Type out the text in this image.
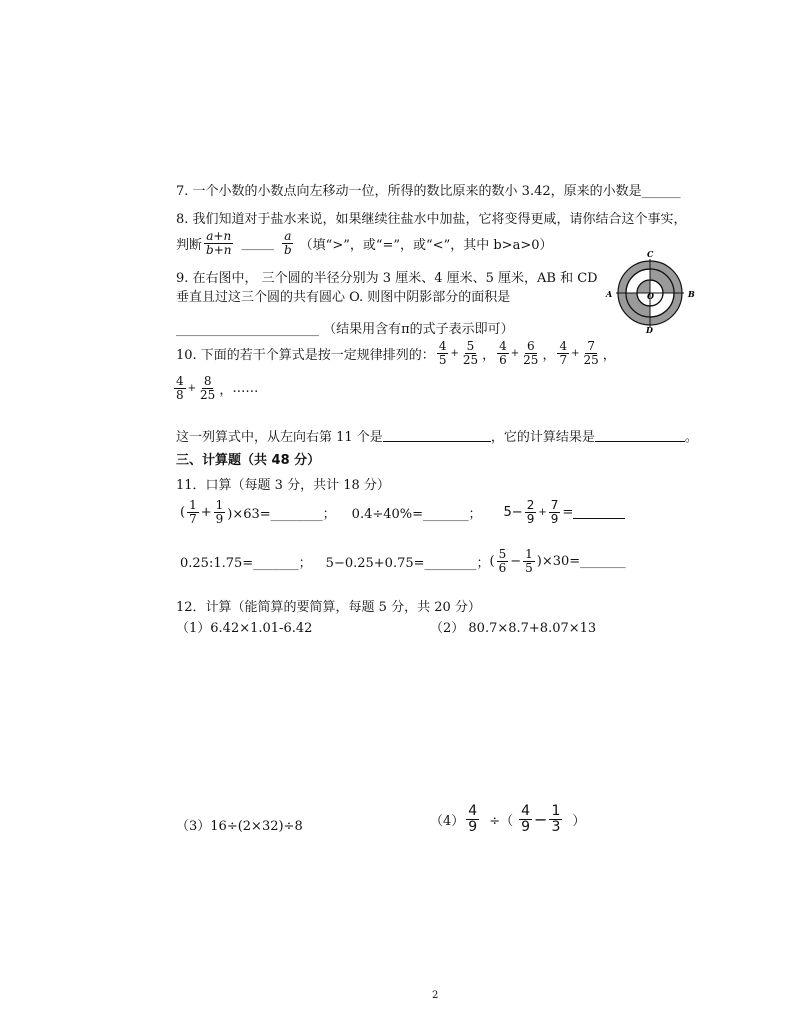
7. 一个小数的小数点向左移动一位，所得的数比原来的数小 3.42，原来的小数是______
8. 我们知道对于盐水来说，如果继续往盐水中加盐，它将变得更咸，请你结合这个事实，
判断 $\frac{a+n}{b+n}$ _____ $\frac{a}{b}$ （填“>”，或“=”，或“<”，其中 b>a>0）
9. 在右图中， 三个圆的半径分别为 3 厘米、4 厘米、5 厘米，AB 和 CD
垂直且过这三个圆的共有圆心 O. 则图中阴影部分的面积是
______________________ （结果用含有π的式子表示即可）
A	B
C
D
O
10. 下面的若干个算式是按一定规律排列的： $\frac{4}{5} + \frac{5}{25}$ ， $\frac{4}{6} + \frac{6}{25}$ ， $\frac{4}{7} + \frac{7}{25}$ ，
$\frac{4}{8} + \frac{8}{25}$ ， ……
这一列算式中，从左向右第 11 个是	，它的计算结果是	。
三、计算题（共 48 分）
11．口算（每题 3 分，共计 18 分）
( $\frac{1}{7} + \frac{1}{9}$ )×63=________； 0.4÷40%=_______； $5- \frac{2}{9} + \frac{7}{9}$ =
0.25:1.75=_______； 5−0.25+0.75=________； ( $\frac{5}{6} - \frac{1}{5}$ )×30=_______
12．计算（能简算的要简算，每题 5 分，共 20 分）
（1）6.42×1.01-6.42	（2） 80.7×8.7+8.07×13
（3）16÷(2×32)÷8	$(4) \frac{4}{9}$ ÷（ $\frac{4}{9} - \frac{1}{3}$ ）
2
